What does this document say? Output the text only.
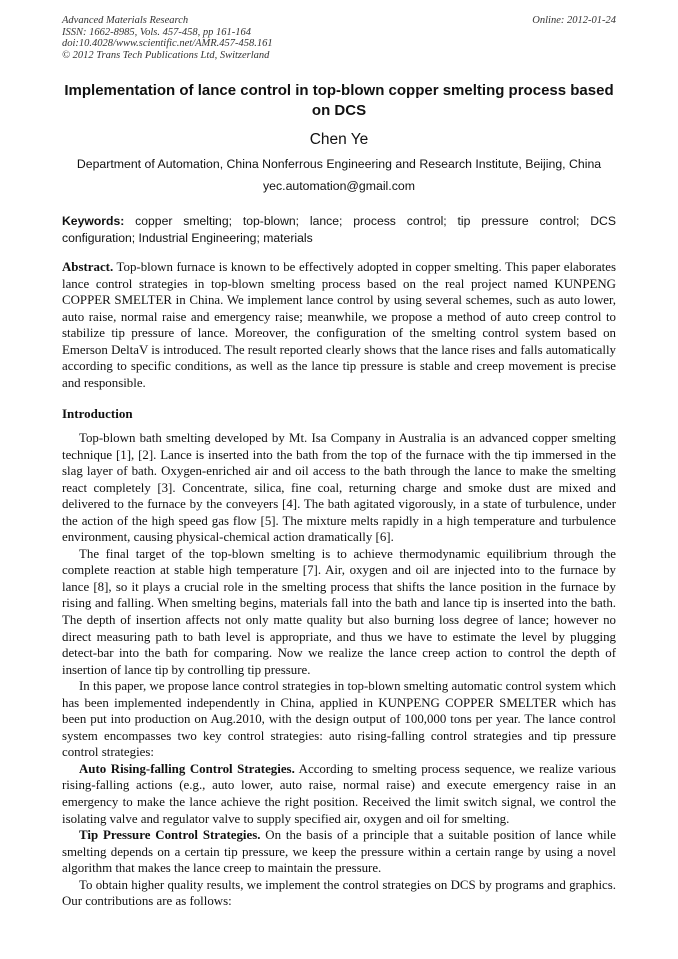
Advanced Materials Research
ISSN: 1662-8985, Vols. 457-458, pp 161-164
doi:10.4028/www.scientific.net/AMR.457-458.161
© 2012 Trans Tech Publications Ltd, Switzerland
Online: 2012-01-24
Implementation of lance control in top-blown copper smelting process based on DCS
Chen Ye
Department of Automation, China Nonferrous Engineering and Research Institute, Beijing, China
yec.automation@gmail.com
Keywords: copper smelting; top-blown; lance; process control; tip pressure control; DCS configuration; Industrial Engineering; materials
Abstract. Top-blown furnace is known to be effectively adopted in copper smelting. This paper elaborates lance control strategies in top-blown smelting process based on the real project named KUNPENG COPPER SMELTER in China. We implement lance control by using several schemes, such as auto lower, auto raise, normal raise and emergency raise; meanwhile, we propose a method of auto creep control to stabilize tip pressure of lance. Moreover, the configuration of the smelting control system based on Emerson DeltaV is introduced. The result reported clearly shows that the lance rises and falls automatically according to specific conditions, as well as the lance tip pressure is stable and creep movement is precise and responsible.
Introduction

Top-blown bath smelting developed by Mt. Isa Company in Australia is an advanced copper smelting technique [1], [2]. Lance is inserted into the bath from the top of the furnace with the tip immersed in the slag layer of bath. Oxygen-enriched air and oil access to the bath through the lance to make the smelting react completely [3]. Concentrate, silica, fine coal, returning charge and smoke dust are mixed and delivered to the furnace by the conveyers [4]. The bath agitated vigorously, in a state of turbulence, under the action of the high speed gas flow [5]. The mixture melts rapidly in a high temperature and turbulence environment, causing physical-chemical action dramatically [6].

The final target of the top-blown smelting is to achieve thermodynamic equilibrium through the complete reaction at stable high temperature [7]. Air, oxygen and oil are injected into to the furnace by lance [8], so it plays a crucial role in the smelting process that shifts the lance position in the furnace by rising and falling. When smelting begins, materials fall into the bath and lance tip is inserted into the bath. The depth of insertion affects not only matte quality but also burning loss degree of lance; however no direct measuring path to bath level is appropriate, and thus we have to estimate the level by plugging detect-bar into the bath for comparing. Now we realize the lance creep action to control the depth of insertion of lance tip by controlling tip pressure.

In this paper, we propose lance control strategies in top-blown smelting automatic control system which has been implemented independently in China, applied in KUNPENG COPPER SMELTER which has been put into production on Aug.2010, with the design output of 100,000 tons per year. The lance control system encompasses two key control strategies: auto rising-falling control strategies and tip pressure control strategies:

Auto Rising-falling Control Strategies. According to smelting process sequence, we realize various rising-falling actions (e.g., auto lower, auto raise, normal raise) and execute emergency raise in an emergency to make the lance achieve the right position. Received the limit switch signal, we control the isolating valve and regulator valve to supply specified air, oxygen and oil for smelting.

Tip Pressure Control Strategies. On the basis of a principle that a suitable position of lance while smelting depends on a certain tip pressure, we keep the pressure within a certain range by using a novel algorithm that makes the lance creep to maintain the pressure.

To obtain higher quality results, we implement the control strategies on DCS by programs and graphics. Our contributions are as follows:
